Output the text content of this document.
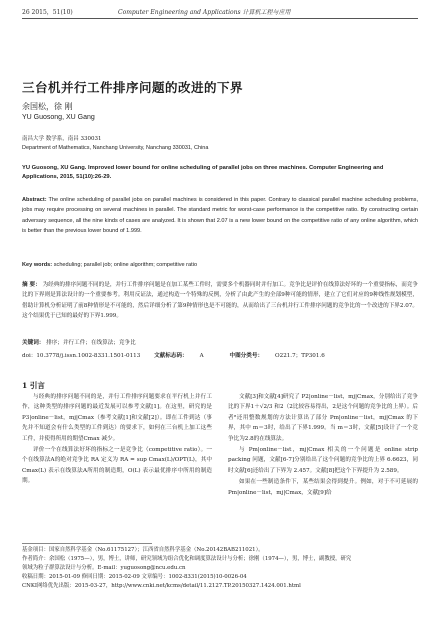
26 2015，51(10)	Computer Engineering and Applications 计算机工程与应用
三台机并行工件排序问题的改进的下界
余国松，徐 刚
YU Guosong, XU Gang
南昌大学 数学系，南昌 330031
Department of Mathematics, Nanchang University, Nanchang 330031, China
YU Guosong, XU Gang. Improved lower bound for online scheduling of parallel jobs on three machines. Computer Engineering and Applications, 2015, 51(10):26-29.
Abstract: The online scheduling of parallel jobs on parallel machines is considered in this paper. Contrary to classical parallel machine scheduling problems, jobs may require processing on several machines in parallel. The standard metric for worst-case performance is the competitive ratio. By constructing certain adversary sequence, all the nine kinds of cases are analyzed. It is shown that 2.07 is a new lower bound on the competitive ratio of any online algorithm, which is better than the previous lower bound of 1.999.
Key words: scheduling; parallel job; online algorithm; competitive ratio
摘 要： 为经典的排序问题不同的是，并行工件排序问题是在加工某些工件时，需要多个机器同时并行加工。竞争比是评价在线算法好坏的一个重要指标，而竞争比的下界则是算法设计的一个重要参考。利用反证法，通过构造一个特殊的反例，分析了由此产生的全部9种可能的情形，建立了它们对应的9种线性规划模型，借助计算机分析证明了前8种情形是不可能的，然后详细分析了第9种情形也是不可能的，从而给出了三台机并行工件排序问题的竞争比的一个改进的下界2.07。这个结果优于已知的最好的下界1.999。
关键词： 排序；并行工件；在线算法；竞争比
doi：10.3778/j.issn.1002-8331.1501-0113 文献标志码： A	中图分类号： O221.7；TP301.6
1 引言

与经典的排序问题不同的是，并行工件排序问题要求在平行机上并行工作，这种类型的排序问题的最近发展可以参考文献[1]。在这里，研究的是 P3|online－list，mj|Cmax（参考文献[1]和文献[2]）。即在工件到达（事先并不知道会有什么类型的工件到达）的要求下，如何在三台机上加工这些工件，并使得所用的期望Cmax 减少。

评价一个在线算法好坏的指标之一是竞争比（competitive ratio）。一个在线算法A的绝对竞争比 RA 定义为 RA = sup Cmax(L)/OPT(L)，其中 Cmax(L) 表示在线算法A所用的制造期，O(L) 表示最优排序中所用的制造期。

文献[3]和文献[4]研究了 P2|online－list，mj|Cmax，分别给出了竞争比的下界1＋√2/3 和2（2比较容易得出，2是这个问题的竞争比的上界）。后者⁸还用整数规划的方法计算出了部分 Pm|online－list，mj|Cmax 的下界，其中 m＝3时，给出了下界1.999。当 m＝3时，文献[5]设计了一个竞争比为2.8的在线算法。

与 Pm|online－list，mj|Cmax 相关的一个问题是 online strip packing 问题，文献[6-7]分别给出了这个问题的竞争比的上界 6.6623，同时文献[6]还给出了下界为 2.457。文献[8]把这个下界提升为 2.589。

如果在一些制造条件下，某些结果会得到提升。例如，对于不可延展的 Pm|online－list，mj|Cmax，文献[9]给

基金项目：国家自然科学基金（No.61175127）；江西省自然科学基金（No.20142BAB211021）。
作者简介：余国松（1975—），男，博士，讲师，研究领域为组合优化和调度算法设计与分析；徐刚（1974—），男，博士，副教授，研究
领域为粒子群算法设计与分析。E-mail：yuguosong@ncu.edu.cn
收稿日期：2015-01-09 修回日期：2015-02-09 文章编号：1002-8331(2015)10-0026-04
CNKI网络优先出版：2015-03-27，http://www.cnki.net/kcms/detail/11.2127.TP.20150327.1424.001.html
